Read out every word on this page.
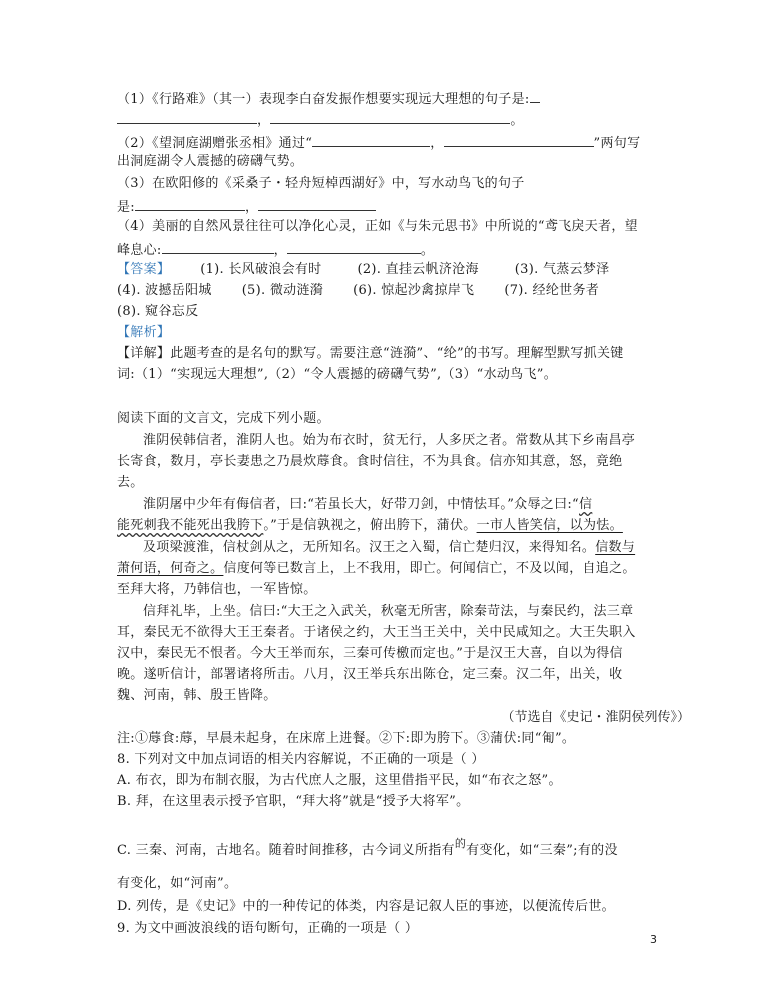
（1）《行路难》（其一）表现李白奋发振作想要实现远大理想的句子是:
，	。
（2）《望洞庭湖赠张丞相》通过“	，	”两句写
出洞庭湖令人震撼的磅礴气势。
（3）在欧阳修的《采桑子・轻舟短棹西湖好》中，写水动鸟飞的句子
是:	，
（4）美丽的自然风景往往可以净化心灵，正如《与朱元思书》中所说的“鸢飞戾天者，望
峰息心:	，	。
【答案】 (1). 长风破浪会有时	(2). 直挂云帆济沧海	(3). 气蒸云梦泽
(4). 波撼岳阳城 (5). 微动涟漪 (6). 惊起沙禽掠岸飞 (7). 经纶世务者
(8). 窥谷忘反
【解析】
【详解】此题考查的是名句的默写。需要注意“涟漪”、“纶”的书写。理解型默写抓关键
词:（1）“实现远大理想”,（2）“令人震撼的磅礴气势”,（3）“水动鸟飞”。
阅读下面的文言文，完成下列小题。
淮阴侯韩信者，淮阴人也。始为布衣时，贫无行，人多厌之者。常数从其下乡南昌亭
长寄食，数月，亭长妻患之乃晨炊蓐食。食时信往，不为具食。信亦知其意，怒，竟绝
去。
淮阴屠中少年有侮信者，曰:“若虽长大，好带刀剑，中情怯耳。”众辱之曰:“信
能死刺我不能死出我胯下。”于是信孰视之，俯出胯下，蒲伏。一市人皆笑信，以为怯。
及项梁渡淮，信杖剑从之，无所知名。汉王之入蜀，信亡楚归汉，来得知名。信数与
萧何语，何奇之。信度何等已数言上，上不我用，即亡。何闻信亡，不及以闻，自追之。
至拜大将，乃韩信也，一军皆惊。
信拜礼毕，上坐。信曰:“大王之入武关，秋毫无所害，除秦苛法，与秦民约，法三章
耳，秦民无不欲得大王王秦者。于诸侯之约，大王当王关中，关中民咸知之。大王失职入
汉中，秦民无不恨者。今大王举而东，三秦可传檄而定也。”于是汉王大喜，自以为得信
晚。遂听信计，部署诸将所击。八月，汉王举兵东出陈仓，定三秦。汉二年，出关，收
魏、河南，韩、殷王皆降。
（节选自《史记・淮阴侯列传》）
注:①蓐食:蓐，早晨未起身，在床席上进餐。②下:即为胯下。③蒲伏:同“匍”。
8. 下列对文中加点词语的相关内容解说，不正确的一项是（ ）
A. 布衣，即为布制衣服，为古代庶人之服，这里借指平民，如“布衣之怒”。
B. 拜，在这里表示授予官职，“拜大将”就是“授予大将军”。
C. 三秦、河南，古地名。随着时间推移，古今词义所指有$^的$有变化，如“三秦”;有的没
有变化，如“河南”。
D. 列传，是《史记》中的一种传记的体类，内容是记叙人臣的事迹，以便流传后世。
9. 为文中画波浪线的语句断句，正确的一项是（ ）
3
